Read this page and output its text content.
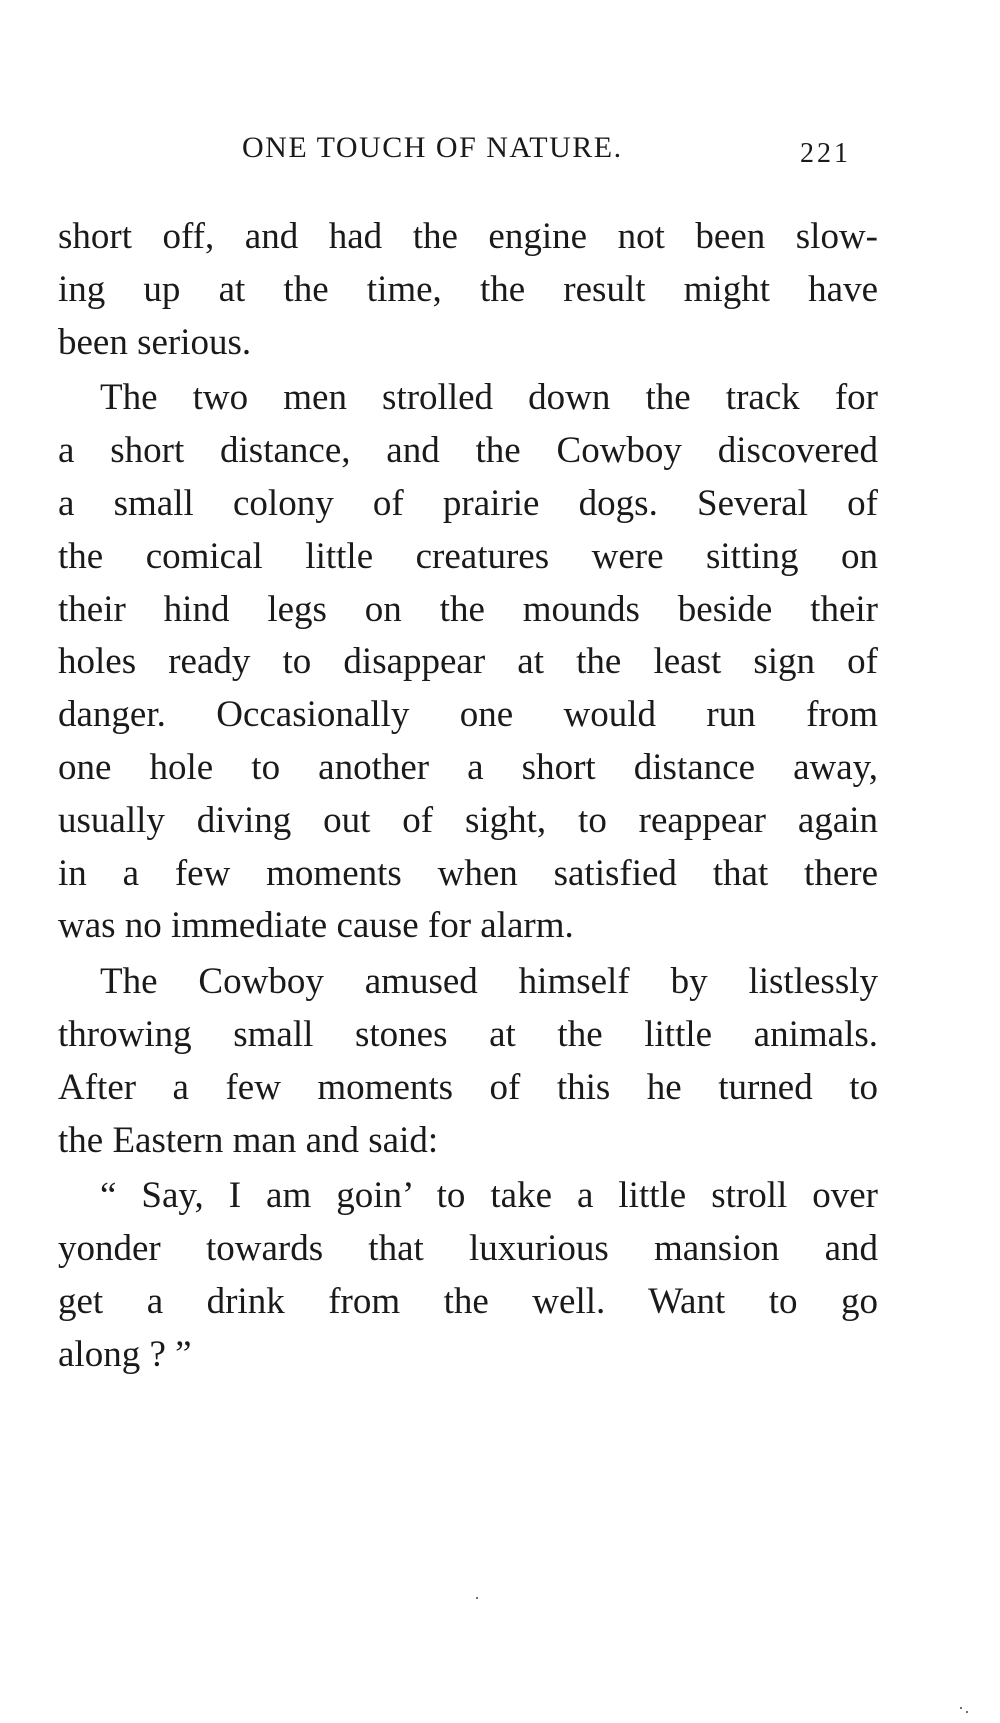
ONE TOUCH OF NATURE.	221
short off, and had the engine not been slow-
ing up at the time, the result might have
been serious.
The two men strolled down the track for
a short distance, and the Cowboy discovered
a small colony of prairie dogs. Several of
the comical little creatures were sitting on
their hind legs on the mounds beside their
holes ready to disappear at the least sign of
danger. Occasionally one would run from
one hole to another a short distance away,
usually diving out of sight, to reappear again
in a few moments when satisfied that there
was no immediate cause for alarm.
The Cowboy amused himself by listlessly
throwing small stones at the little animals.
After a few moments of this he turned to
the Eastern man and said:
“ Say, I am goin’ to take a little stroll over
yonder towards that luxurious mansion and
get a drink from the well. Want to go
along ? ”
